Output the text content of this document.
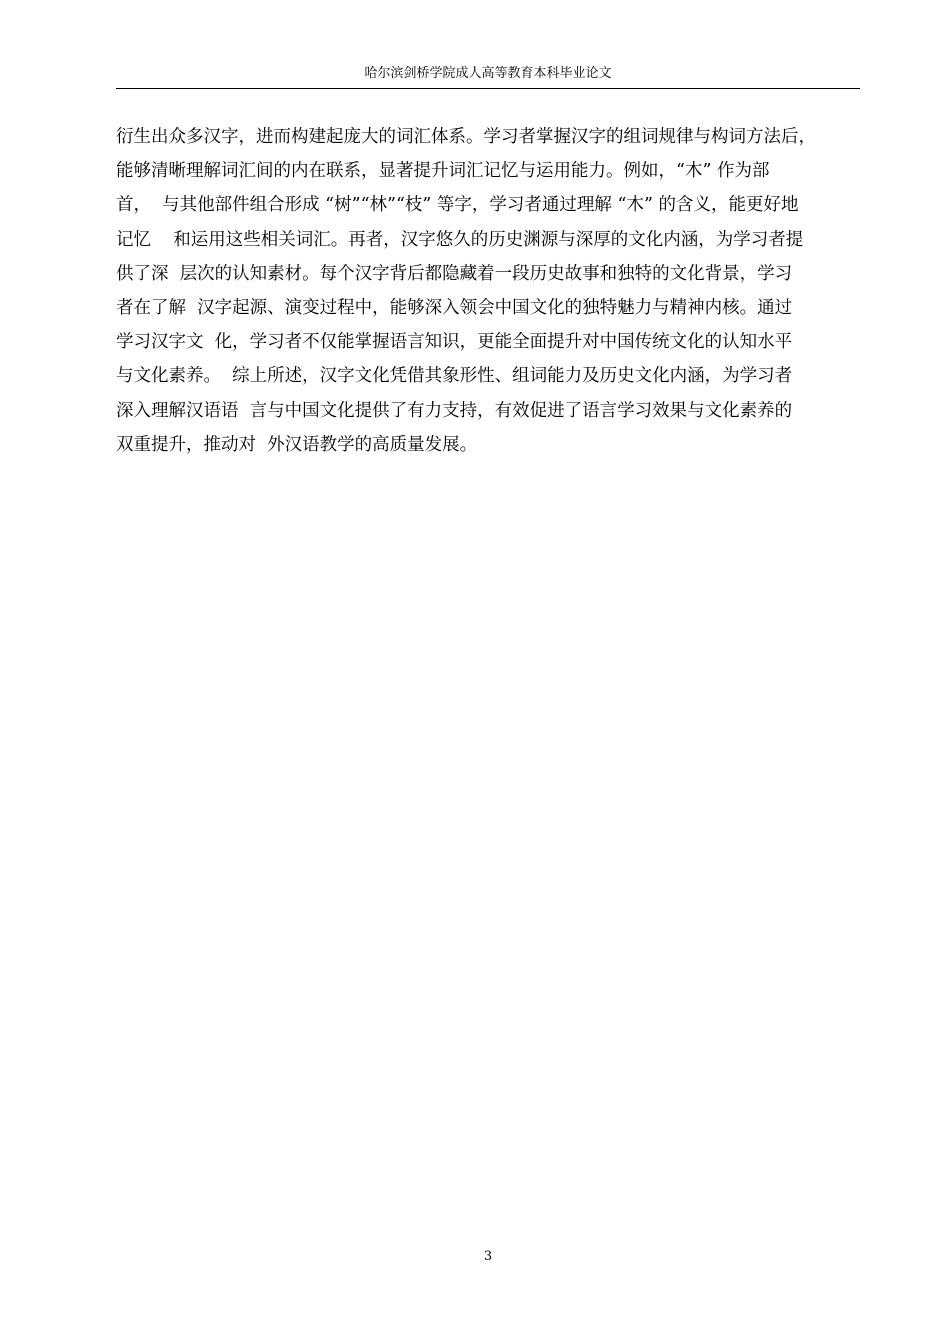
哈尔滨剑桥学院成人高等教育本科毕业论文
衍生出众多汉字，进而构建起庞大的词汇体系。学习者掌握汉字的组词规律与构词方法后，
能够清晰理解词汇间的内在联系，显著提升词汇记忆与运用能力。例如，“木” 作为部
首，  与其他部件组合形成 “树”“林”“枝” 等字，学习者通过理解 “木” 的含义，能更好地
记忆    和运用这些相关词汇。再者，汉字悠久的历史渊源与深厚的文化内涵，为学习者提
供了深  层次的认知素材。每个汉字背后都隐藏着一段历史故事和独特的文化背景，学习
者在了解  汉字起源、演变过程中，能够深入领会中国文化的独特魅力与精神内核。通过
学习汉字文  化，学习者不仅能掌握语言知识，更能全面提升对中国传统文化的认知水平
与文化素养。  综上所述，汉字文化凭借其象形性、组词能力及历史文化内涵，为学习者
深入理解汉语语  言与中国文化提供了有力支持，有效促进了语言学习效果与文化素养的
双重提升，推动对  外汉语教学的高质量发展。
3
